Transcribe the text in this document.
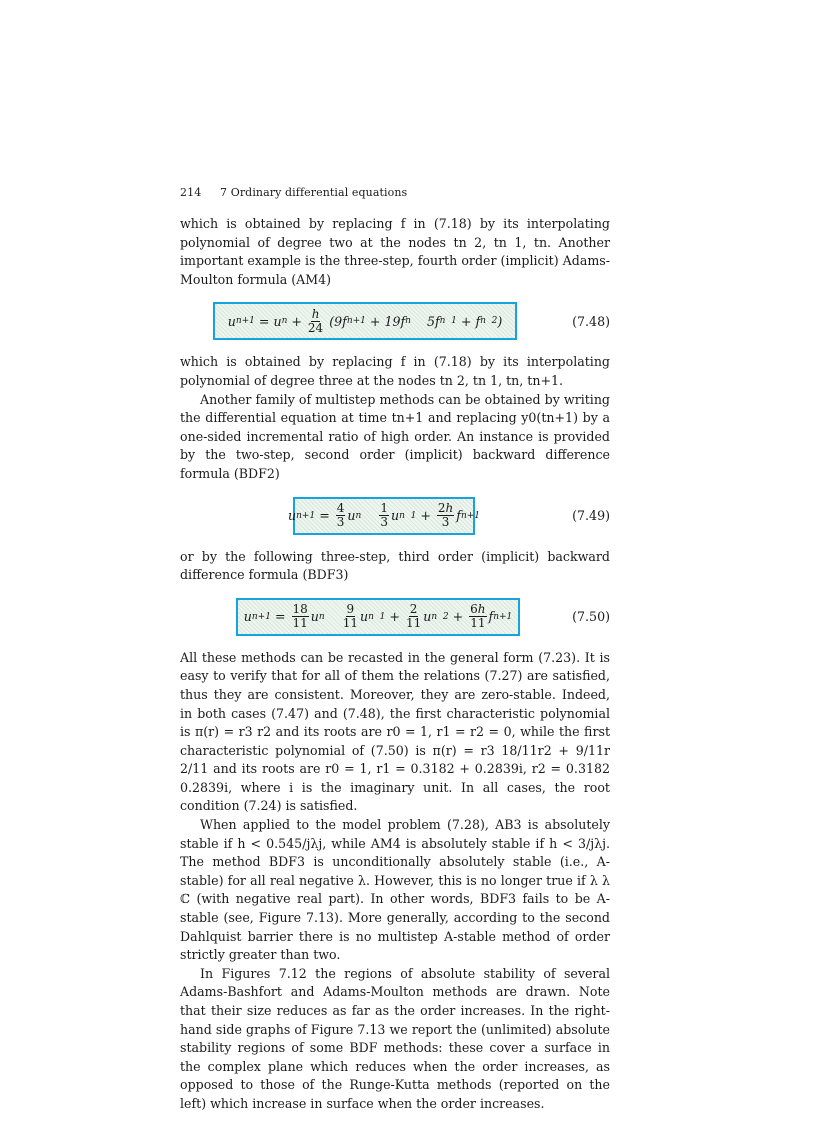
214	7 Ordinary differential equations

which is obtained by replacing f in (7.18) by its interpolating polynomial of degree two at the nodes tn 2, tn 1, tn. Another important example is the three-step, fourth order (implicit) Adams-Moulton formula (AM4)

u n+1 = u $n + \frac{h}{24} (9$ f n+1 + 19 f n 5 f n  1 + f n  2 )	(7.48)

which is obtained by replacing f in (7.18) by its interpolating polynomial of degree three at the nodes tn 2, tn 1, tn, tn+1.

Another family of multistep methods can be obtained by writing the differential equation at time tn+1 and replacing y0(tn+1) by a one-sided incremental ratio of high order. An instance is provided by the two-step, second order (implicit) backward difference formula (BDF2)

u $n+1 = \frac{4}{3}$ u n
$\frac{1}{3}$ u n  $1 + \frac{2h}{3}$ f n+1	(7.49)

or by the following three-step, third order (implicit) backward difference formula (BDF3)

u $n+1 = \frac{18}{11}$ u n
$\frac{9}{11}$ u n  $1 + \frac{2}{11}$ u n  $2 + \frac{6h}{11}$ f n+1	(7.50)

All these methods can be recasted in the general form (7.23). It is easy to verify that for all of them the relations (7.27) are satisfied, thus they are consistent. Moreover, they are zero-stable. Indeed, in both cases (7.47) and (7.48), the first characteristic polynomial is π(r) = r3 r2 and its roots are r0 = 1, r1 = r2 = 0, while the first characteristic polynomial of (7.50) is π(r) = r3 18/11r2 + 9/11r 2/11 and its roots are r0 = 1, r1 = 0.3182 + 0.2839i, r2 = 0.3182 0.2839i, where i is the imaginary unit. In all cases, the root condition (7.24) is satisfied.

When applied to the model problem (7.28), AB3 is absolutely stable if h < 0.545/jλj, while AM4 is absolutely stable if h < 3/jλj. The method BDF3 is unconditionally absolutely stable (i.e., A-stable) for all real negative λ. However, this is no longer true if λ λ ℂ (with negative real part). In other words, BDF3 fails to be A-stable (see, Figure 7.13). More generally, according to the second Dahlquist barrier there is no multistep A-stable method of order strictly greater than two.

In Figures 7.12 the regions of absolute stability of several Adams-Bashfort and Adams-Moulton methods are drawn. Note that their size reduces as far as the order increases. In the right-hand side graphs of Figure 7.13 we report the (unlimited) absolute stability regions of some BDF methods: these cover a surface in the complex plane which reduces when the order increases, as opposed to those of the Runge-Kutta methods (reported on the left) which increase in surface when the order increases.
